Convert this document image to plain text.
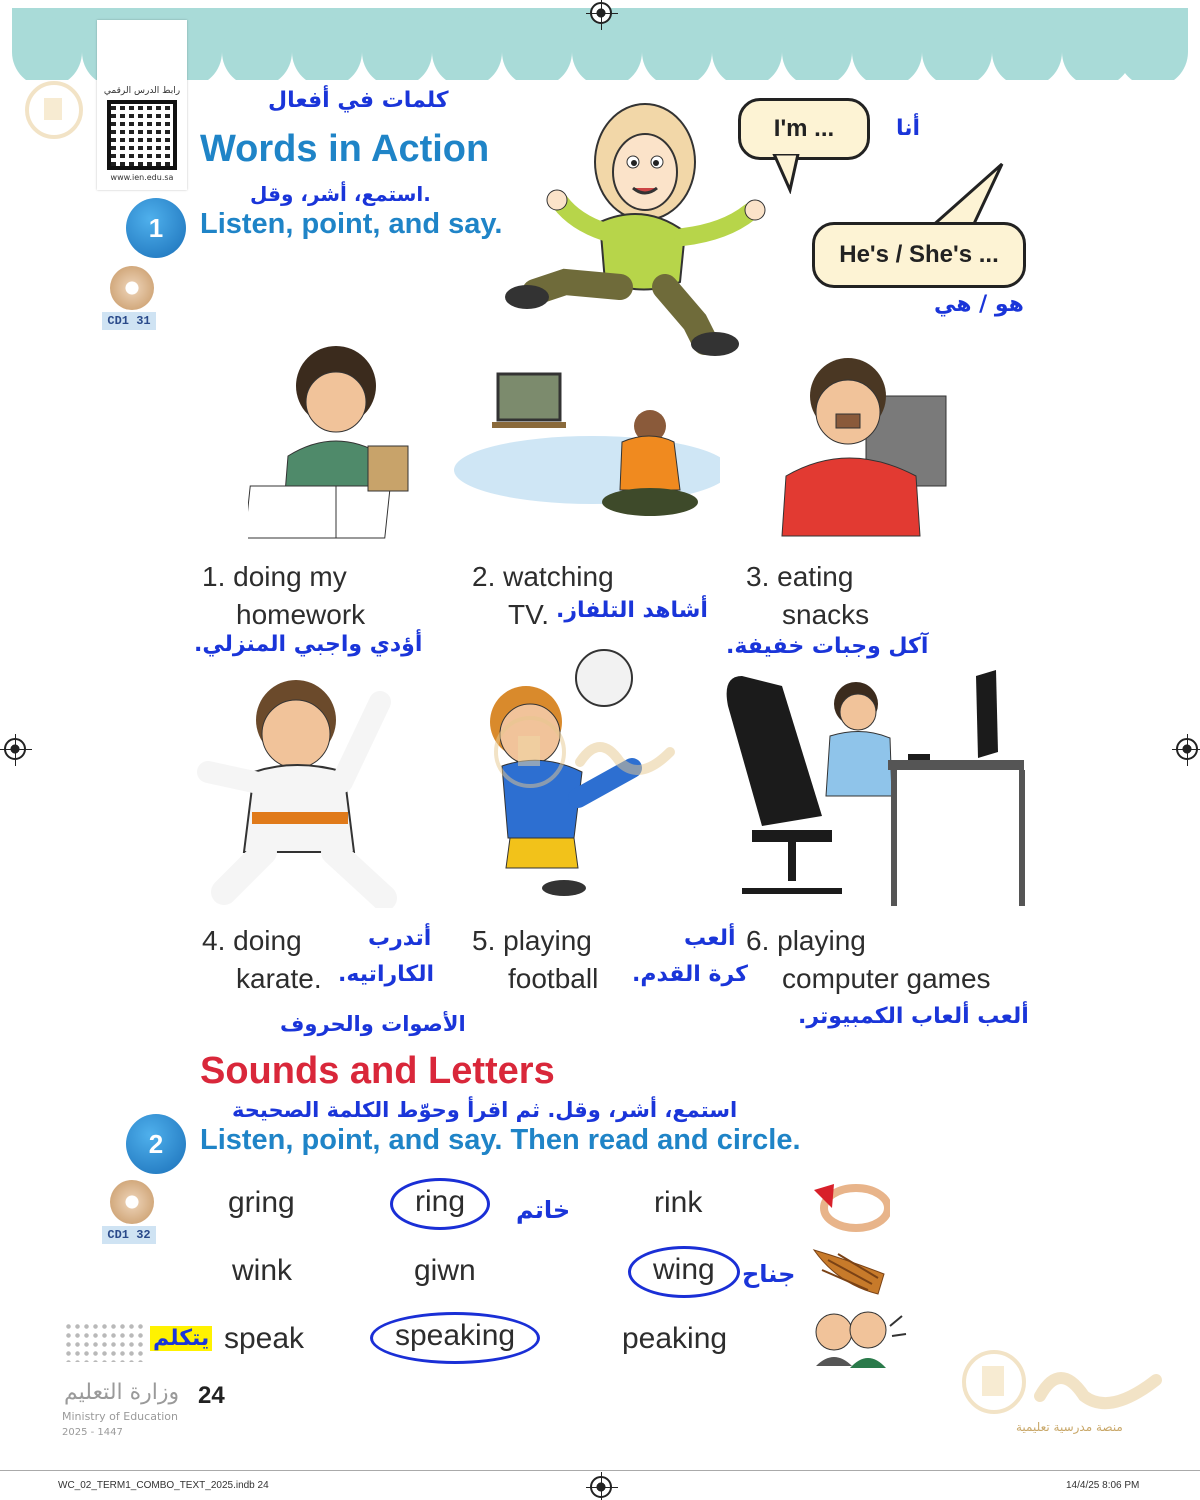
رابط الدرس الرقمي
www.ien.edu.sa
كلمات في أفعال
Words in Action
استمع، أشر، وقل.
1	Listen, point, and say.
CD1 31
I'm ...	أنا
He's / She's ...
هو / هي
1. doing my
homework
أؤدي واجبي المنزلي.
2. watching
TV. أشاهد التلفاز.
3. eating
snacks
آكل وجبات خفيفة.
4. doing
karate.
أتدرب
الكاراتيه.
5. playing
football
ألعب
كرة القدم.
6. playing
computer games
ألعب ألعاب الكمبيوتر.
الأصوات والحروف
Sounds and Letters
استمع، أشر، وقل. ثم اقرأ وحوّط الكلمة الصحيحة
2	Listen, point, and say. Then read and circle.
CD1 32
gring	ring	خاتم	rink
wink	giwn	wing	جناح
يتكلم speak	speaking	peaking
وزارة التعليم 24
Ministry of Education
2025 - 1447	منصة مدرسية تعليمية
WC_02_TERM1_COMBO_TEXT_2025.indb 24	14/4/25 8:06 PM
